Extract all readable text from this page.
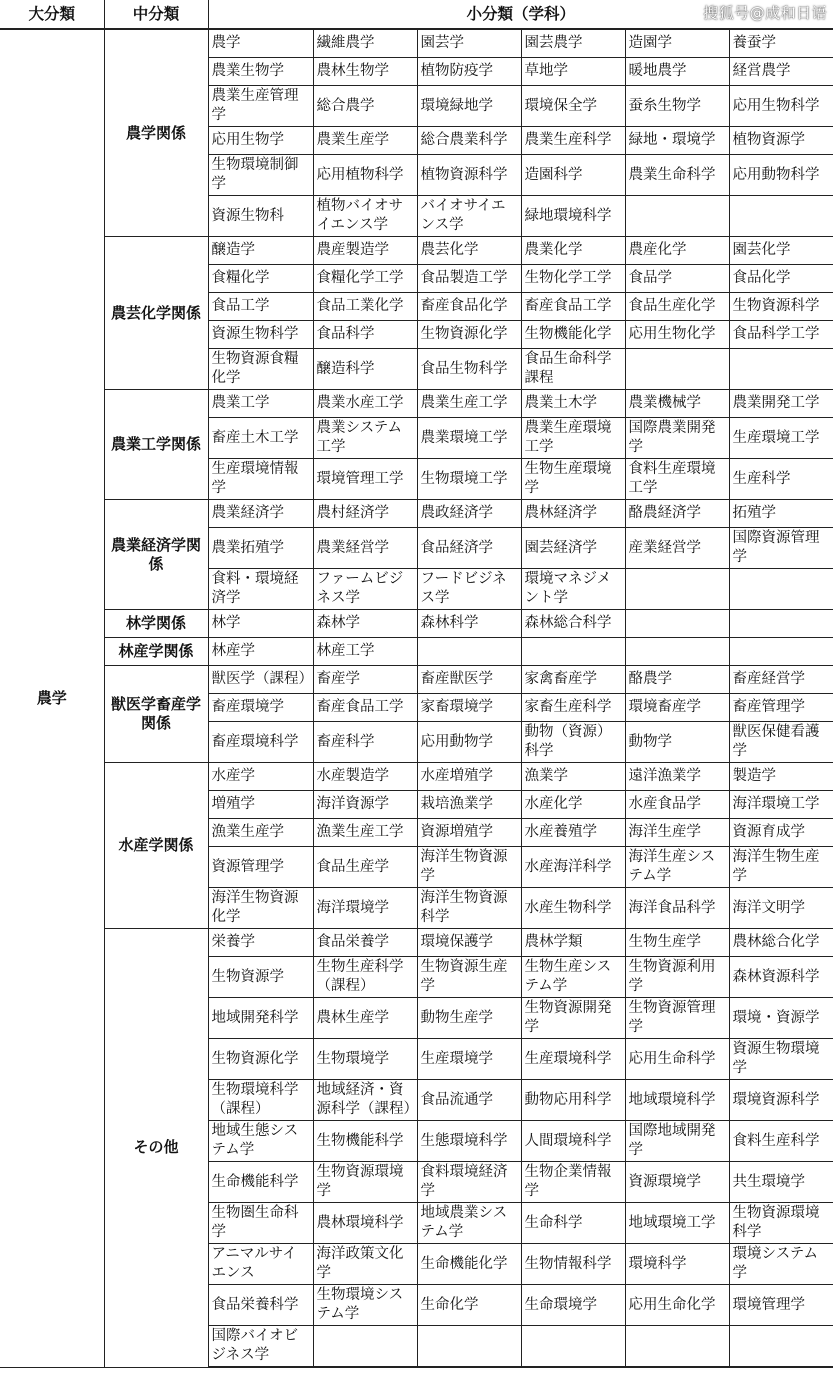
大分類	中分類	小分類（学科） 搜狐号@成和日语					

農学	農学関係	農学	繊維農学	園芸学	園芸農学	造園学	養蚕学
		農業生物学	農林生物学	植物防疫学	草地学	暖地農学	経営農学
		農業生産管理学	総合農学	環境緑地学	環境保全学	蚕糸生物学	応用生物科学
		応用生物学	農業生産学	総合農業科学	農業生産科学	緑地・環境学	植物資源学
		生物環境制御学	応用植物科学	植物資源科学	造園科学	農業生命科学	応用動物科学
		資源生物科	植物バイオサイエンス学	バイオサイエンス学	緑地環境科学		
	農芸化学関係	醸造学	農産製造学	農芸化学	農業化学	農産化学	園芸化学
		食糧化学	食糧化学工学	食品製造工学	生物化学工学	食品学	食品化学
		食品工学	食品工業化学	畜産食品化学	畜産食品工学	食品生産化学	生物資源科学
		資源生物科学	食品科学	生物資源化学	生物機能化学	応用生物化学	食品科学工学
		生物資源食糧化学	醸造科学	食品生物科学	食品生命科学課程		
	農業工学関係	農業工学	農業水産工学	農業生産工学	農業土木学	農業機械学	農業開発工学
		畜産土木工学	農業システム工学	農業環境工学	農業生産環境工学	国際農業開発学	生産環境工学
		生産環境情報学	環境管理工学	生物環境工学	生物生産環境学	食料生産環境工学	生産科学
	農業経済学関係	農業経済学	農村経済学	農政経済学	農林経済学	酪農経済学	拓殖学
		農業拓殖学	農業経営学	食品経済学	園芸経済学	産業経営学	国際資源管理学
		食料・環境経済学	ファームビジネス学	フードビジネス学	環境マネジメント学		
	林学関係	林学	森林学	森林科学	森林総合科学		
	林産学関係	林産学	林産工学				
	獣医学畜産学関係	獣医学（課程）	畜産学	畜産獣医学	家禽畜産学	酪農学	畜産経営学
		畜産環境学	畜産食品工学	家畜環境学	家畜生産科学	環境畜産学	畜産管理学
		畜産環境科学	畜産科学	応用動物学	動物（資源）科学	動物学	獣医保健看護学
	水産学関係	水産学	水産製造学	水産増殖学	漁業学	遠洋漁業学	製造学
		増殖学	海洋資源学	栽培漁業学	水産化学	水産食品学	海洋環境工学
		漁業生産学	漁業生産工学	資源増殖学	水産養殖学	海洋生産学	資源育成学
		資源管理学	食品生産学	海洋生物資源学	水産海洋科学	海洋生産システム学	海洋生物生産学
		海洋生物資源化学	海洋環境学	海洋生物資源科学	水産生物科学	海洋食品科学	海洋文明学
	その他	栄養学	食品栄養学	環境保護学	農林学類	生物生産学	農林総合化学
		生物資源学	生物生産科学（課程）	生物資源生産学	生物生産システム学	生物資源利用学	森林資源科学
		地域開発科学	農林生産学	動物生産学	生物資源開発学	生物資源管理学	環境・資源学
		生物資源化学	生物環境学	生産環境学	生産環境科学	応用生命科学	資源生物環境学
		生物環境科学（課程）	地域経済・資源科学（課程）	食品流通学	動物応用科学	地域環境科学	環境資源科学
		地域生態システム学	生物機能科学	生態環境科学	人間環境科学	国際地域開発学	食料生産科学
		生命機能科学	生物資源環境学	食料環境経済学	生物企業情報学	資源環境学	共生環境学
		生物圏生命科学	農林環境科学	地域農業システム学	生命科学	地域環境工学	生物資源環境科学
		アニマルサイエンス	海洋政策文化学	生命機能化学	生物情報科学	環境科学	環境システム学
		食品栄養科学	生物環境システム学	生命化学	生命環境学	応用生命化学	環境管理学
		国際バイオビジネス学					
